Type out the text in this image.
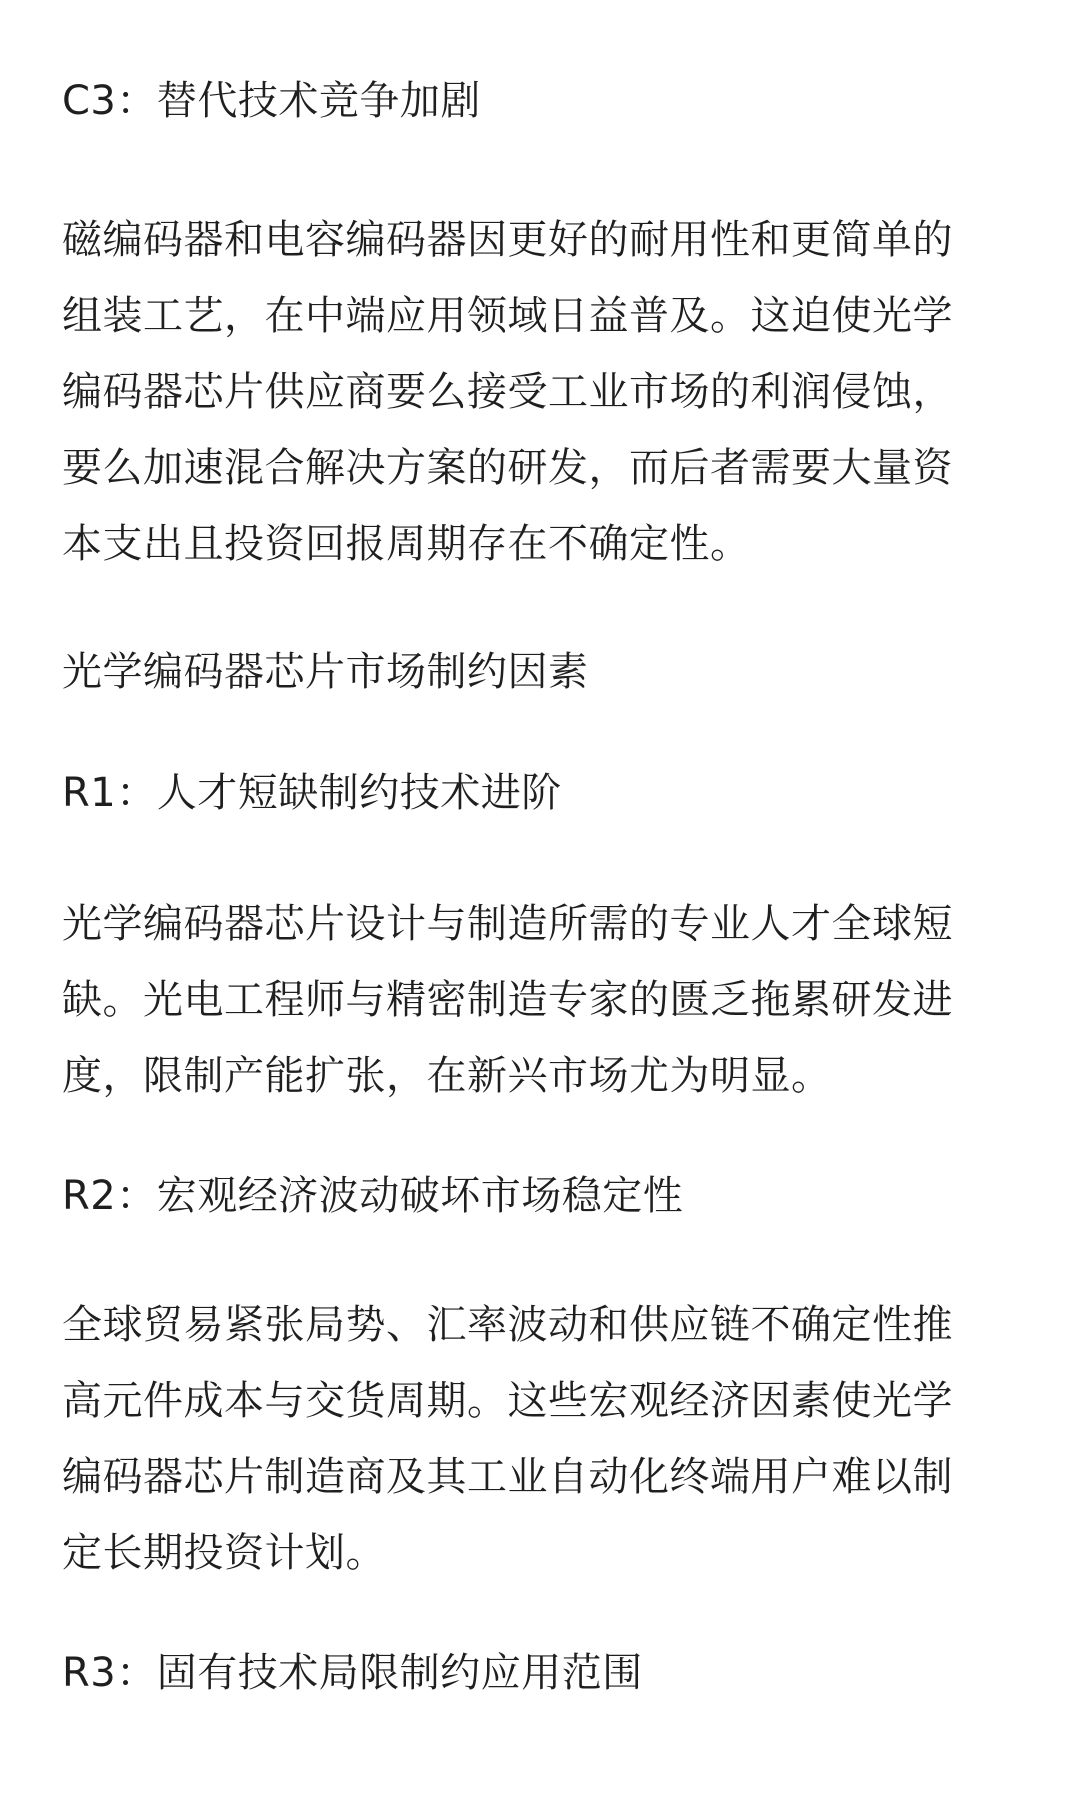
C3：替代技术竞争加剧
磁编码器和电容编码器因更好的耐用性和更简单的
组装工艺，在中端应用领域日益普及。这迫使光学
编码器芯片供应商要么接受工业市场的利润侵蚀，
要么加速混合解决方案的研发，而后者需要大量资
本支出且投资回报周期存在不确定性。
光学编码器芯片市场制约因素
R1：人才短缺制约技术进阶
光学编码器芯片设计与制造所需的专业人才全球短
缺。光电工程师与精密制造专家的匮乏拖累研发进
度，限制产能扩张，在新兴市场尤为明显。
R2：宏观经济波动破坏市场稳定性
全球贸易紧张局势、汇率波动和供应链不确定性推
高元件成本与交货周期。这些宏观经济因素使光学
编码器芯片制造商及其工业自动化终端用户难以制
定长期投资计划。
R3：固有技术局限制约应用范围
